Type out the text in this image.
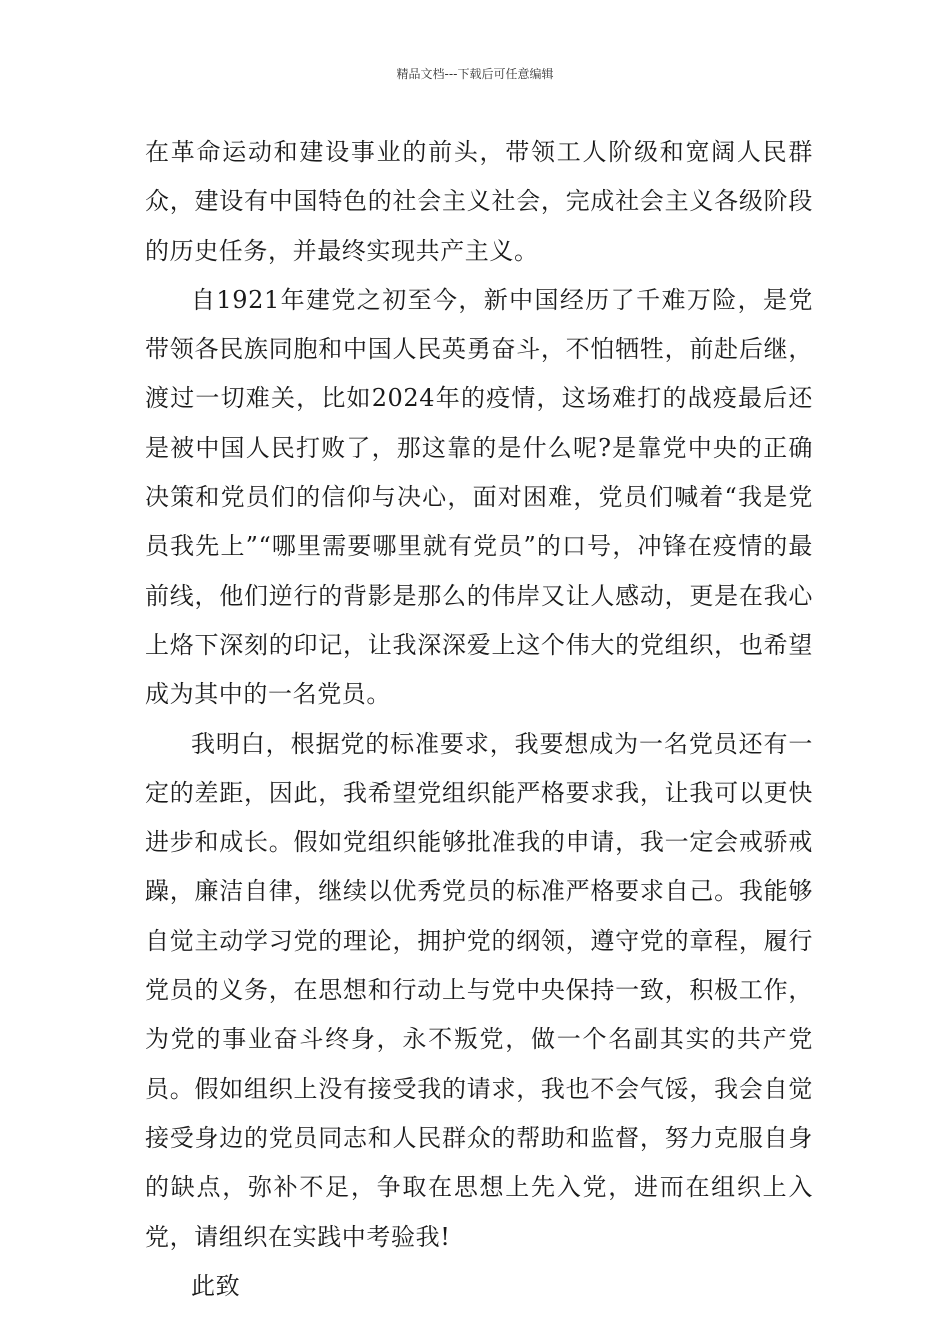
精品文档---下载后可任意编辑

在革命运动和建设事业的前头，带领工人阶级和宽阔人民群众，建设有中国特色的社会主义社会，完成社会主义各级阶段的历史任务，并最终实现共产主义。

自1921年建党之初至今，新中国经历了千难万险，是党带领各民族同胞和中国人民英勇奋斗，不怕牺牲，前赴后继，渡过一切难关，比如2024年的疫情，这场难打的战疫最后还是被中国人民打败了，那这靠的是什么呢?是靠党中央的正确决策和党员们的信仰与决心，面对困难，党员们喊着“我是党员我先上”“哪里需要哪里就有党员”的口号，冲锋在疫情的最前线，他们逆行的背影是那么的伟岸又让人感动，更是在我心上烙下深刻的印记，让我深深爱上这个伟大的党组织，也希望成为其中的一名党员。

我明白，根据党的标准要求，我要想成为一名党员还有一定的差距，因此，我希望党组织能严格要求我，让我可以更快进步和成长。假如党组织能够批准我的申请，我一定会戒骄戒躁，廉洁自律，继续以优秀党员的标准严格要求自己。我能够自觉主动学习党的理论，拥护党的纲领，遵守党的章程，履行党员的义务，在思想和行动上与党中央保持一致，积极工作，为党的事业奋斗终身，永不叛党，做一个名副其实的共产党员。假如组织上没有接受我的请求，我也不会气馁，我会自觉接受身边的党员同志和人民群众的帮助和监督，努力克服自身的缺点，弥补不足，争取在思想上先入党，进而在组织上入党，请组织在实践中考验我!

此致
